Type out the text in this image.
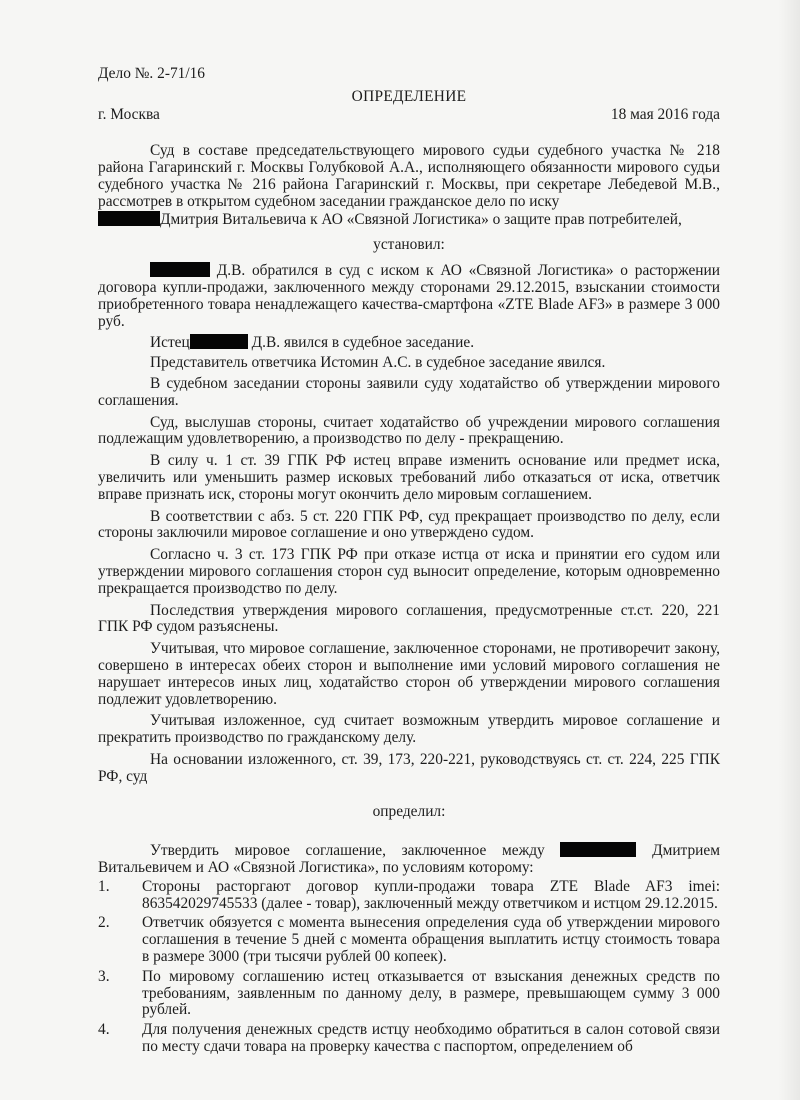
Дело №. 2-71/16
ОПРЕДЕЛЕНИЕ
г. Москва	18 мая 2016 года

Суд в составе председательствующего мирового судьи судебного участка № 218 района Гагаринский г. Москвы Голубковой А.А., исполняющего обязанности мирового судьи судебного участка № 216 района Гагаринский г. Москвы, при секретаре Лебедевой М.В., рассмотрев в открытом судебном заседании гражданское дело по иску
Дмитрия Витальевича к АО «Связной Логистика» о защите прав потребителей,

установил:

Д.В. обратился в суд с иском к АО «Связной Логистика» о расторжении договора купли-продажи, заключенного между сторонами 29.12.2015, взыскании стоимости приобретенного товара ненадлежащего качества-смартфона «ZTE Blade AF3» в размере 3 000 руб.

Истец	Д.В. явился в судебное заседание.

Представитель ответчика Истомин А.С. в судебное заседание явился.

В судебном заседании стороны заявили суду ходатайство об утверждении мирового соглашения.

Суд, выслушав стороны, считает ходатайство об учреждении мирового соглашения подлежащим удовлетворению, а производство по делу - прекращению.

В силу ч. 1 ст. 39 ГПК РФ истец вправе изменить основание или предмет иска, увеличить или уменьшить размер исковых требований либо отказаться от иска, ответчик вправе признать иск, стороны могут окончить дело мировым соглашением.

В соответствии с абз. 5 ст. 220 ГПК РФ, суд прекращает производство по делу, если стороны заключили мировое соглашение и оно утверждено судом.

Согласно ч. 3 ст. 173 ГПК РФ при отказе истца от иска и принятии его судом или утверждении мирового соглашения сторон суд выносит определение, которым одновременно прекращается производство по делу.

Последствия утверждения мирового соглашения, предусмотренные ст.ст. 220, 221 ГПК РФ судом разъяснены.

Учитывая, что мировое соглашение, заключенное сторонами, не противоречит закону, совершено в интересах обеих сторон и выполнение ими условий мирового соглашения не нарушает интересов иных лиц, ходатайство сторон об утверждении мирового соглашения подлежит удовлетворению.

Учитывая изложенное, суд считает возможным утвердить мировое соглашение и прекратить производство по гражданскому делу.

На основании изложенного, ст. 39, 173, 220-221, руководствуясь ст. ст. 224, 225 ГПК РФ, суд

определил:

Утвердить мировое соглашение, заключенное между	Дмитрием Витальевичем и АО «Связной Логистика», по условиям которому:

1.	Стороны расторгают договор купли-продажи товара ZTE Blade AF3 imei: 863542029745533 (далее - товар), заключенный между ответчиком и истцом 29.12.2015.
2.	Ответчик обязуется с момента вынесения определения суда об утверждении мирового соглашения в течение 5 дней с момента обращения выплатить истцу стоимость товара в размере 3000 (три тысячи рублей 00 копеек).
3.	По мировому соглашению истец отказывается от взыскания денежных средств по требованиям, заявленным по данному делу, в размере, превышающем сумму 3 000 рублей.
4.	Для получения денежных средств истцу необходимо обратиться в салон сотовой связи по месту сдачи товара на проверку качества с паспортом, определением об
